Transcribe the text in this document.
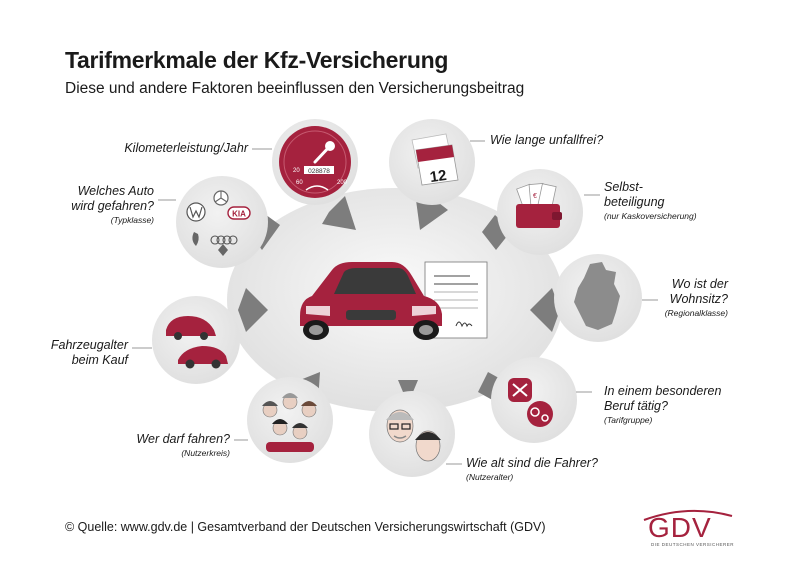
Tarifmerkmale der Kfz-Versicherung
Diese und andere Faktoren beeinflussen den Versicherungsbeitrag
028878
20
60	200	12
KIA
€
Kilometerleistung/Jahr
Wie lange unfallfrei?
Welches Auto
wird gefahren?
(Typklasse)
Selbst-
beteiligung
(nur Kaskoversicherung)
Wo ist der
Wohnsitz?
(Regionalklasse)
Fahrzeugalter
beim Kauf
In einem besonderen
Beruf tätig?
(Tarifgruppe)
Wer darf fahren?
(Nutzerkreis)
Wie alt sind die Fahrer?
(Nutzeralter)
© Quelle: www.gdv.de | Gesamtverband der Deutschen Versicherungswirtschaft (GDV)	GDV
DIE DEUTSCHEN VERSICHERER
